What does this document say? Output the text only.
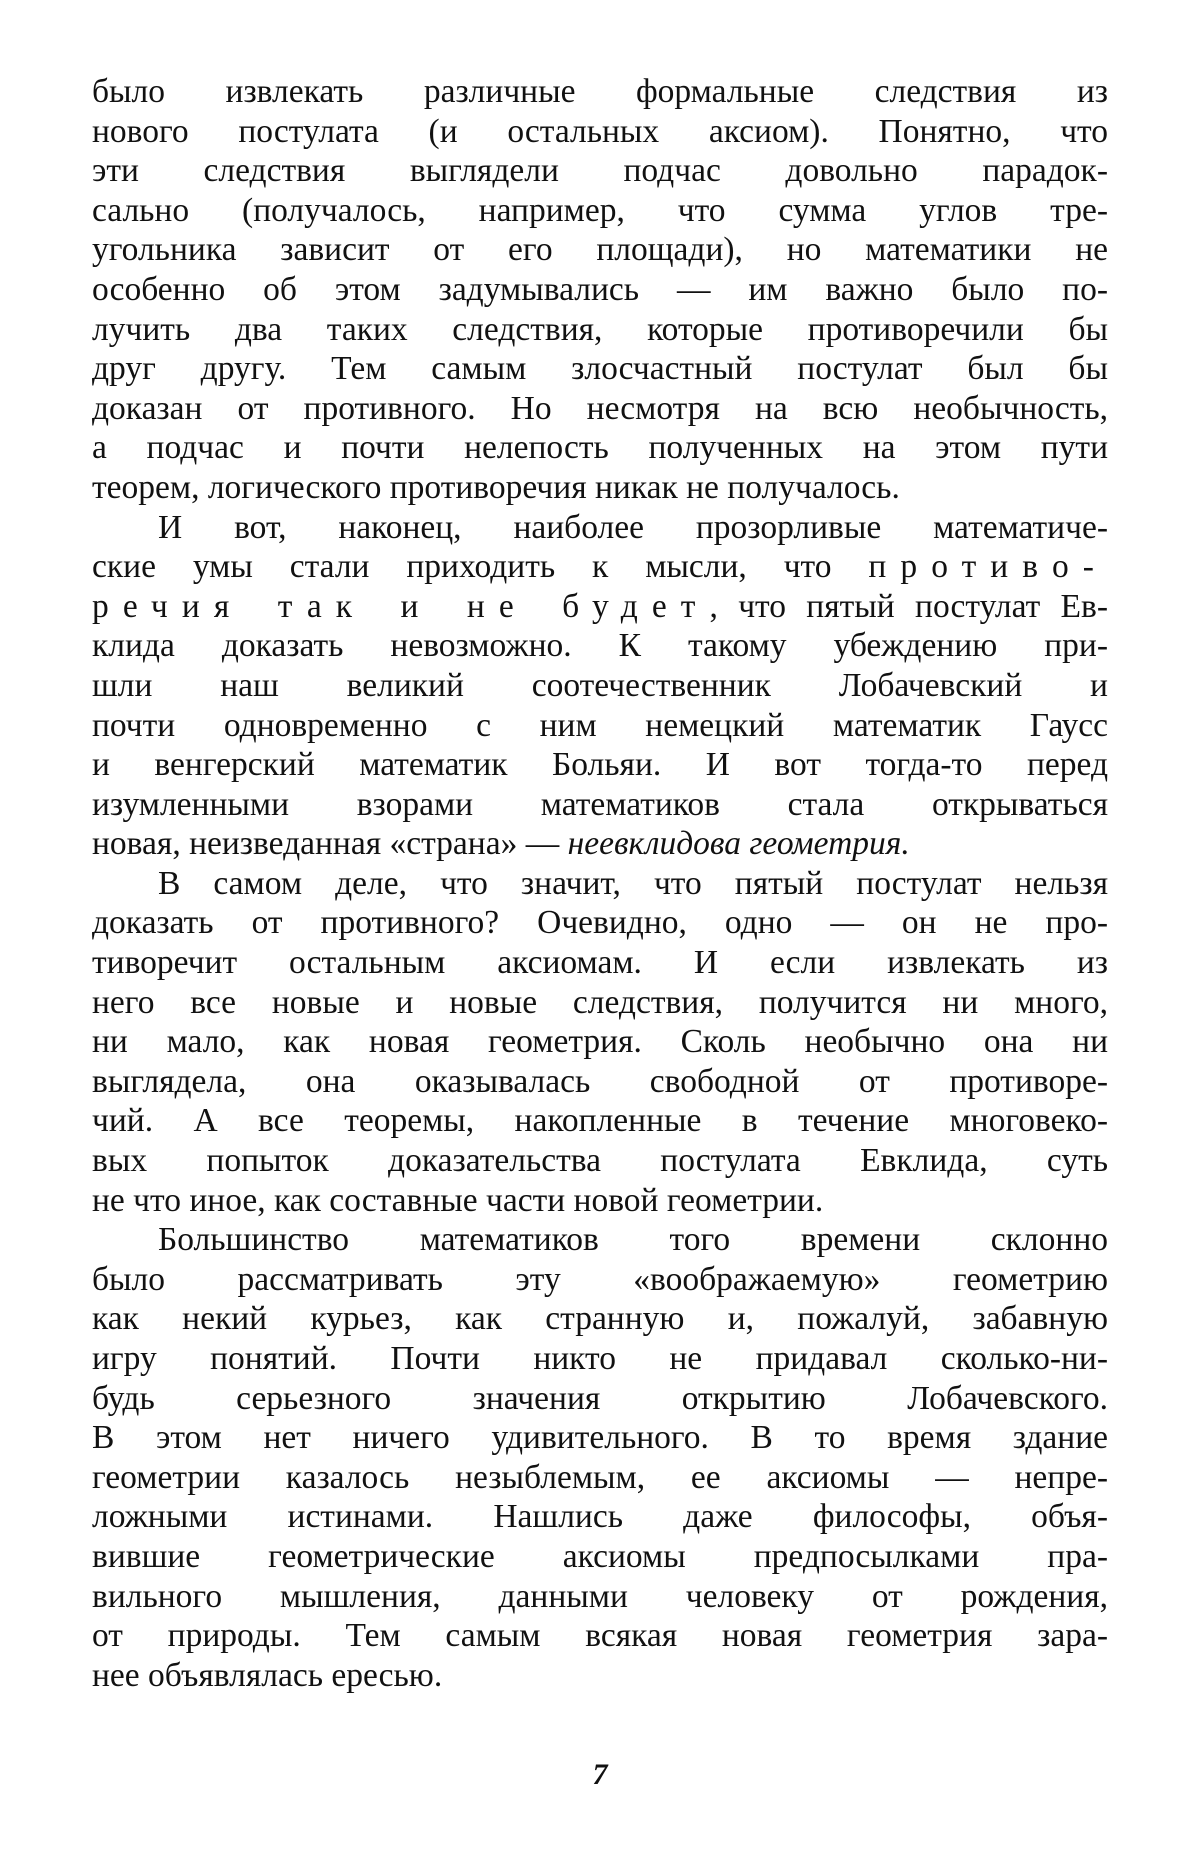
было извлекать различные формальные следствия из
нового постулата (и остальных аксиом). Понятно, что
эти следствия выглядели подчас довольно парадок-
сально (получалось, например, что сумма углов тре-
угольника зависит от его площади), но математики не
особенно об этом задумывались — им важно было по-
лучить два таких следствия, которые противоречили бы
друг другу. Тем самым злосчастный постулат был бы
доказан от противного. Но несмотря на всю необычность,
а подчас и почти нелепость полученных на этом пути
теорем, логического противоречия никак не получалось.

И вот, наконец, наиболее прозорливые математиче-
ские умы стали приходить к мысли, что противо-
речия так и не будет, что пятый постулат Ев-
клида доказать невозможно. К такому убеждению при-
шли наш великий соотечественник Лобачевский и
почти одновременно с ним немецкий математик Гаусс
и венгерский математик Больяи. И вот тогда-то перед
изумленными взорами математиков стала открываться
новая, неизведанная «страна» — неевклидова геометрия.

В самом деле, что значит, что пятый постулат нельзя
доказать от противного? Очевидно, одно — он не про-
тиворечит остальным аксиомам. И если извлекать из
него все новые и новые следствия, получится ни много,
ни мало, как новая геометрия. Сколь необычно она ни
выглядела, она оказывалась свободной от противоре-
чий. А все теоремы, накопленные в течение многовеко-
вых попыток доказательства постулата Евклида, суть
не что иное, как составные части новой геометрии.

Большинство математиков того времени склонно
было рассматривать эту «воображаемую» геометрию
как некий курьез, как странную и, пожалуй, забавную
игру понятий. Почти никто не придавал сколько-ни-
будь серьезного значения открытию Лобачевского.
В этом нет ничего удивительного. В то время здание
геометрии казалось незыблемым, ее аксиомы — непре-
ложными истинами. Нашлись даже философы, объя-
вившие геометрические аксиомы предпосылками пра-
вильного мышления, данными человеку от рождения,
от природы. Тем самым всякая новая геометрия зара-
нее объявлялась ересью.

7
